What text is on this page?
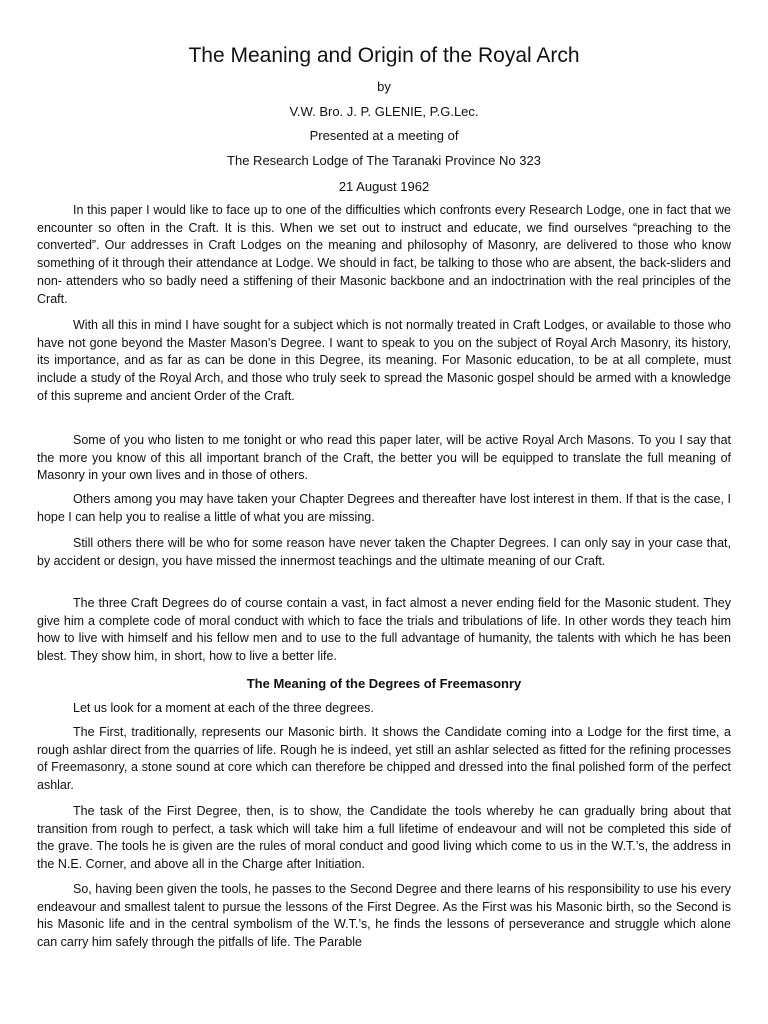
The Meaning and Origin of the Royal Arch
by
V.W. Bro. J. P. GLENIE, P.G.Lec.
Presented at a meeting of
The Research Lodge of The Taranaki Province No 323
21 August 1962

In this paper I would like to face up to one of the difficulties which confronts every Research Lodge, one in fact that we encounter so often in the Craft. It is this. When we set out to instruct and educate, we find ourselves “preaching to the converted”. Our addresses in Craft Lodges on the meaning and philosophy of Masonry, are delivered to those who know something of it through their attendance at Lodge. We should in fact, be talking to those who are absent, the back-sliders and non- attenders who so badly need a stiffening of their Masonic backbone and an indoctrination with the real principles of the Craft.

With all this in mind I have sought for a subject which is not normally treated in Craft Lodges, or available to those who have not gone beyond the Master Mason’s Degree. I want to speak to you on the subject of Royal Arch Masonry, its history, its importance, and as far as can be done in this Degree, its meaning. For Masonic education, to be at all complete, must include a study of the Royal Arch, and those who truly seek to spread the Masonic gospel should be armed with a knowledge of this supreme and ancient Order of the Craft.

Some of you who listen to me tonight or who read this paper later, will be active Royal Arch Masons. To you I say that the more you know of this all important branch of the Craft, the better you will be equipped to translate the full meaning of Masonry in your own lives and in those of others.

Others among you may have taken your Chapter Degrees and thereafter have lost interest in them. If that is the case, I hope I can help you to realise a little of what you are missing.

Still others there will be who for some reason have never taken the Chapter Degrees. I can only say in your case that, by accident or design, you have missed the innermost teachings and the ultimate meaning of our Craft.

The three Craft Degrees do of course contain a vast, in fact almost a never ending field for the Masonic student. They give him a complete code of moral conduct with which to face the trials and tribulations of life. In other words they teach him how to live with himself and his fellow men and to use to the full advantage of humanity, the talents with which he has been blest. They show him, in short, how to live a better life.

The Meaning of the Degrees of Freemasonry

Let us look for a moment at each of the three degrees.

The First, traditionally, represents our Masonic birth. It shows the Candidate coming into a Lodge for the first time, a rough ashlar direct from the quarries of life. Rough he is indeed, yet still an ashlar selected as fitted for the refining processes of Freemasonry, a stone sound at core which can therefore be chipped and dressed into the final polished form of the perfect ashlar.

The task of the First Degree, then, is to show, the Candidate the tools whereby he can gradually bring about that transition from rough to perfect, a task which will take him a full lifetime of endeavour and will not be completed this side of the grave. The tools he is given are the rules of moral conduct and good living which come to us in the W.T.’s, the address in the N.E. Corner, and above all in the Charge after Initiation.

So, having been given the tools, he passes to the Second Degree and there learns of his responsibility to use his every endeavour and smallest talent to pursue the lessons of the First Degree. As the First was his Masonic birth, so the Second is his Masonic life and in the central symbolism of the W.T.’s, he finds the lessons of perseverance and struggle which alone can carry him safely through the pitfalls of life. The Parable
